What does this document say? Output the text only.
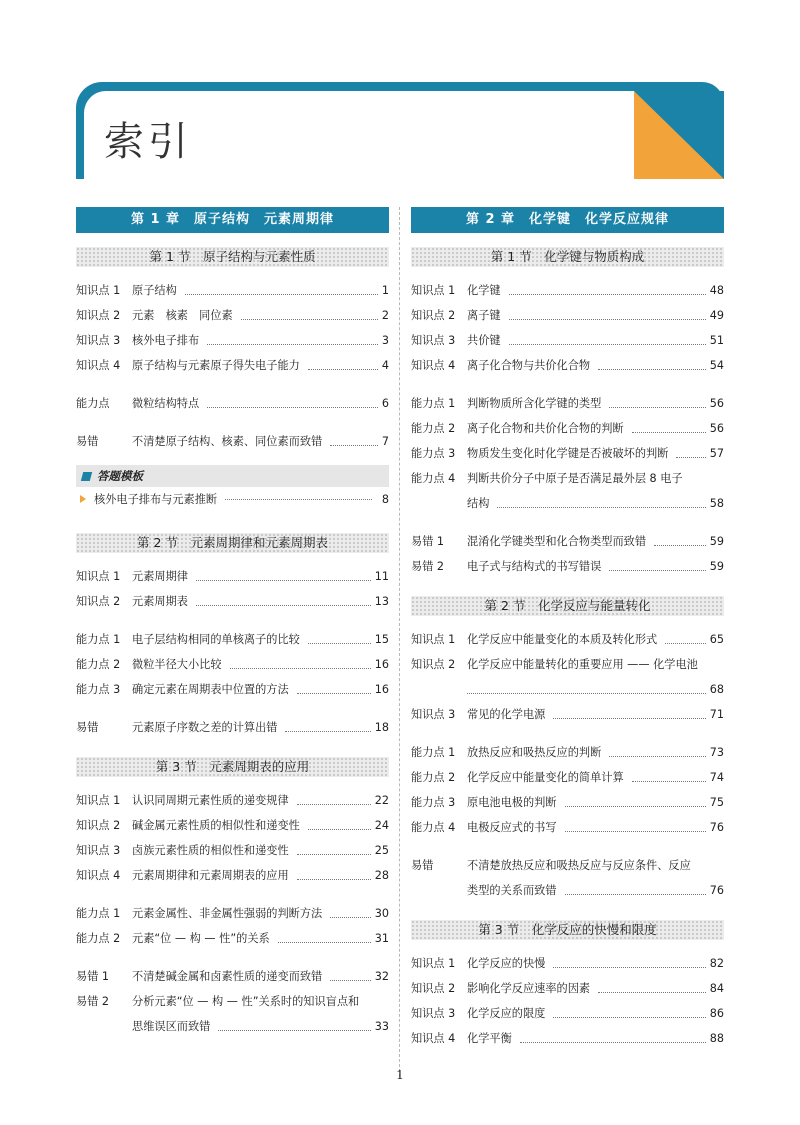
索引
第 1 章　原子结构　元素周期律
第 1 节　原子结构与元素性质
知识点 1	原子结构	1
知识点 2	元素　核素　同位素	2
知识点 3	核外电子排布	3
知识点 4	原子结构与元素原子得失电子能力	4
能力点	微粒结构特点	6
易错	不清楚原子结构、核素、同位素而致错	7
答题模板
核外电子排布与元素推断	8
第 2 节　元素周期律和元素周期表
知识点 1	元素周期律	11
知识点 2	元素周期表	13
能力点 1	电子层结构相同的单核离子的比较	15
能力点 2	微粒半径大小比较	16
能力点 3	确定元素在周期表中位置的方法	16
易错	元素原子序数之差的计算出错	18
第 3 节　元素周期表的应用
知识点 1	认识同周期元素性质的递变规律	22
知识点 2	碱金属元素性质的相似性和递变性	24
知识点 3	卤族元素性质的相似性和递变性	25
知识点 4	元素周期律和元素周期表的应用	28
能力点 1	元素金属性、非金属性强弱的判断方法	30
能力点 2	元素“位 — 构 — 性”的关系	31
易错 1	不清楚碱金属和卤素性质的递变而致错	32
易错 2	分析元素“位 — 构 — 性”关系时的知识盲点和
思维误区而致错	33
第 2 章　化学键　化学反应规律
第 1 节　化学键与物质构成
知识点 1	化学键	48
知识点 2	离子键	49
知识点 3	共价键	51
知识点 4	离子化合物与共价化合物	54
能力点 1	判断物质所含化学键的类型	56
能力点 2	离子化合物和共价化合物的判断	56
能力点 3	物质发生变化时化学键是否被破坏的判断	57
能力点 4	判断共价分子中原子是否满足最外层 8 电子
结构	58
易错 1	混淆化学键类型和化合物类型而致错	59
易错 2	电子式与结构式的书写错误	59
第 2 节　化学反应与能量转化
知识点 1	化学反应中能量变化的本质及转化形式	65
知识点 2	化学反应中能量转化的重要应用 —— 化学电池
68
知识点 3	常见的化学电源	71
能力点 1	放热反应和吸热反应的判断	73
能力点 2	化学反应中能量变化的简单计算	74
能力点 3	原电池电极的判断	75
能力点 4	电极反应式的书写	76
易错	不清楚放热反应和吸热反应与反应条件、反应
类型的关系而致错	76
第 3 节　化学反应的快慢和限度
知识点 1	化学反应的快慢	82
知识点 2	影响化学反应速率的因素	84
知识点 3	化学反应的限度	86
知识点 4	化学平衡	88
1
